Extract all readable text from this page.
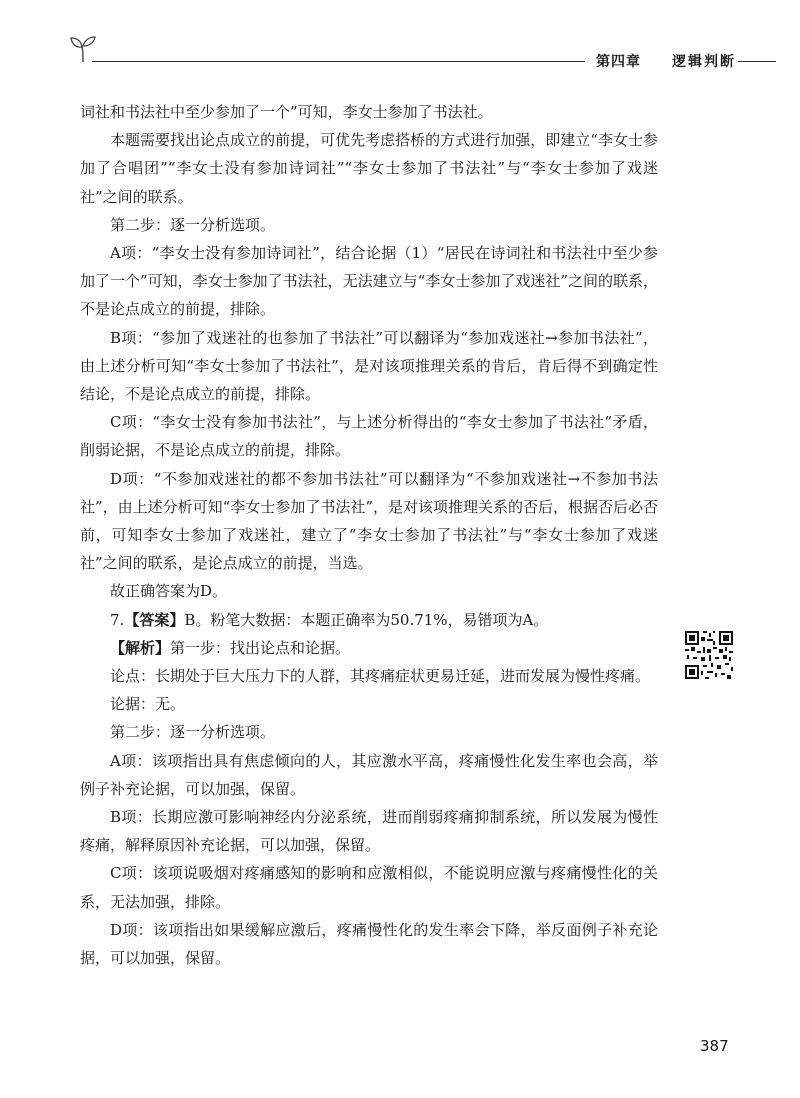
第四章 逻辑判断

词社和书法社中至少参加了一个”可知，李女士参加了书法社。

本题需要找出论点成立的前提，可优先考虑搭桥的方式进行加强，即建立“李女士参加了合唱团”“李女士没有参加诗词社”“李女士参加了书法社”与“李女士参加了戏迷社”之间的联系。

第二步：逐一分析选项。

A项：“李女士没有参加诗词社”，结合论据（1）“居民在诗词社和书法社中至少参加了一个”可知，李女士参加了书法社，无法建立与“李女士参加了戏迷社”之间的联系，不是论点成立的前提，排除。

B项：“参加了戏迷社的也参加了书法社”可以翻译为“参加戏迷社→参加书法社”，由上述分析可知“李女士参加了书法社”，是对该项推理关系的肯后，肯后得不到确定性结论，不是论点成立的前提，排除。

C项：“李女士没有参加书法社”，与上述分析得出的“李女士参加了书法社”矛盾，削弱论据，不是论点成立的前提，排除。

D项：“不参加戏迷社的都不参加书法社”可以翻译为“不参加戏迷社→不参加书法社”，由上述分析可知“李女士参加了书法社”，是对该项推理关系的否后，根据否后必否前，可知李女士参加了戏迷社，建立了“李女士参加了书法社”与“李女士参加了戏迷社”之间的联系，是论点成立的前提，当选。

故正确答案为D。

7.【答案】B。粉笔大数据：本题正确率为50.71%，易错项为A。

【解析】第一步：找出论点和论据。

论点：长期处于巨大压力下的人群，其疼痛症状更易迁延，进而发展为慢性疼痛。

论据：无。

第二步：逐一分析选项。

A项：该项指出具有焦虑倾向的人，其应激水平高，疼痛慢性化发生率也会高，举例子补充论据，可以加强，保留。

B项：长期应激可影响神经内分泌系统，进而削弱疼痛抑制系统，所以发展为慢性疼痛，解释原因补充论据，可以加强，保留。

C项：该项说吸烟对疼痛感知的影响和应激相似，不能说明应激与疼痛慢性化的关系，无法加强，排除。

D项：该项指出如果缓解应激后，疼痛慢性化的发生率会下降，举反面例子补充论据，可以加强，保留。

387
